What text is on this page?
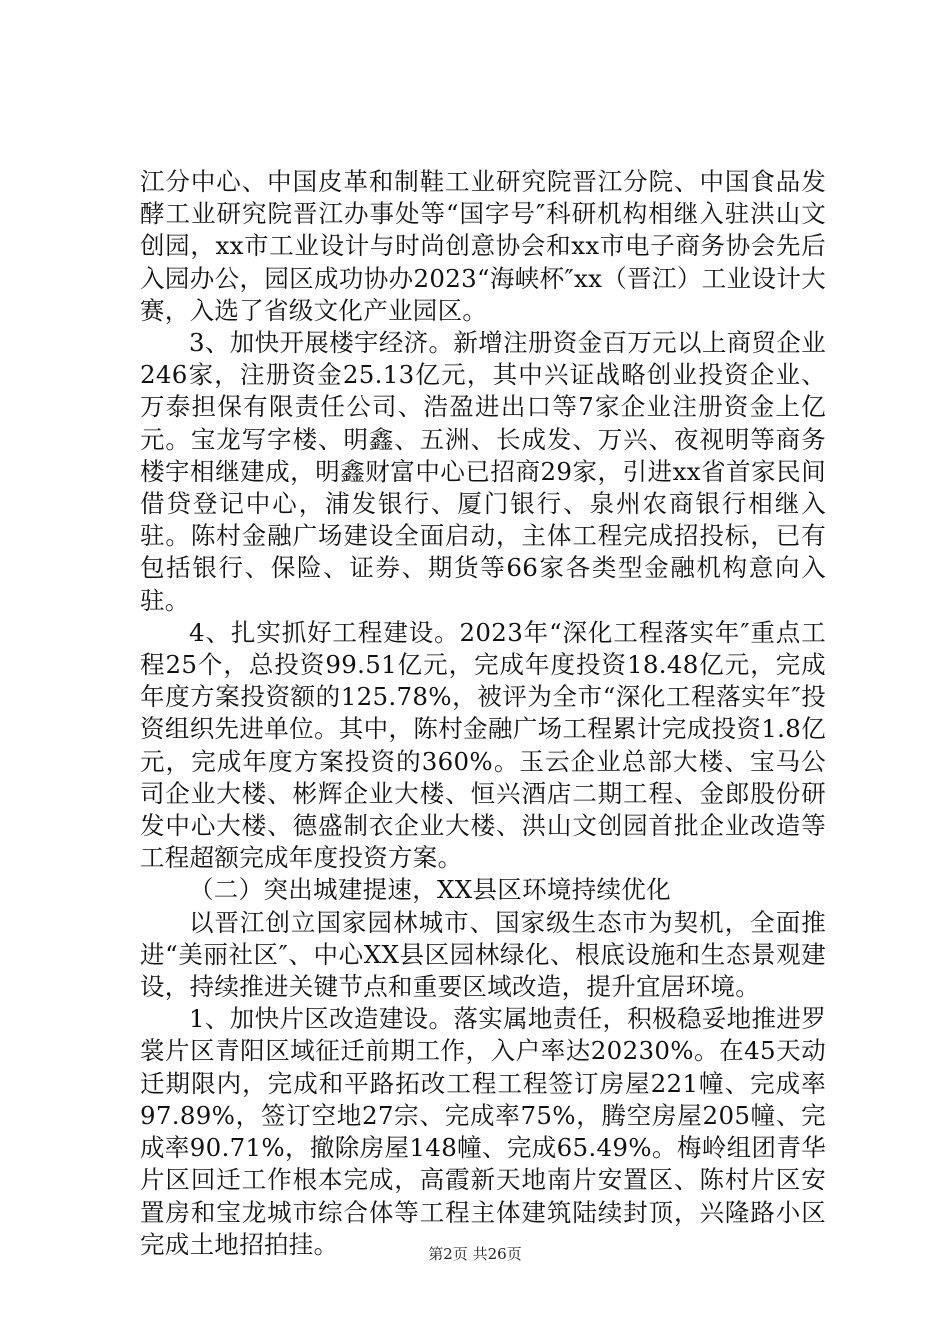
江分中心、中国皮革和制鞋工业研究院晋江分院、中国食品发酵工业研究院晋江办事处等“国字号″科研机构相继入驻洪山文创园，xx市工业设计与时尚创意协会和xx市电子商务协会先后入园办公，园区成功协办2023“海峡杯″xx（晋江）工业设计大赛，入选了省级文化产业园区。

3、加快开展楼宇经济。新增注册资金百万元以上商贸企业246家，注册资金25.13亿元，其中兴证战略创业投资企业、万泰担保有限责任公司、浩盈进出口等7家企业注册资金上亿元。宝龙写字楼、明鑫、五洲、长成发、万兴、夜视明等商务楼宇相继建成，明鑫财富中心已招商29家，引进xx省首家民间借贷登记中心，浦发银行、厦门银行、泉州农商银行相继入驻。陈村金融广场建设全面启动，主体工程完成招投标，已有包括银行、保险、证券、期货等66家各类型金融机构意向入驻。

4、扎实抓好工程建设。2023年“深化工程落实年″重点工程25个，总投资99.51亿元，完成年度投资18.48亿元，完成年度方案投资额的125.78%，被评为全市“深化工程落实年″投资组织先进单位。其中，陈村金融广场工程累计完成投资1.8亿元，完成年度方案投资的360%。玉云企业总部大楼、宝马公司企业大楼、彬辉企业大楼、恒兴酒店二期工程、金郎股份研发中心大楼、德盛制衣企业大楼、洪山文创园首批企业改造等工程超额完成年度投资方案。

（二）突出城建提速，XX县区环境持续优化

以晋江创立国家园林城市、国家级生态市为契机，全面推进“美丽社区″、中心XX县区园林绿化、根底设施和生态景观建设，持续推进关键节点和重要区域改造，提升宜居环境。

1、加快片区改造建设。落实属地责任，积极稳妥地推进罗裳片区青阳区域征迁前期工作，入户率达20230%。在45天动迁期限内，完成和平路拓改工程工程签订房屋221幢、完成率97.89%，签订空地27宗、完成率75%，腾空房屋205幢、完成率90.71%，撤除房屋148幢、完成65.49%。梅岭组团青华片区回迁工作根本完成，高霞新天地南片安置区、陈村片区安置房和宝龙城市综合体等工程主体建筑陆续封顶，兴隆路小区完成土地招拍挂。	第2页 共26页
